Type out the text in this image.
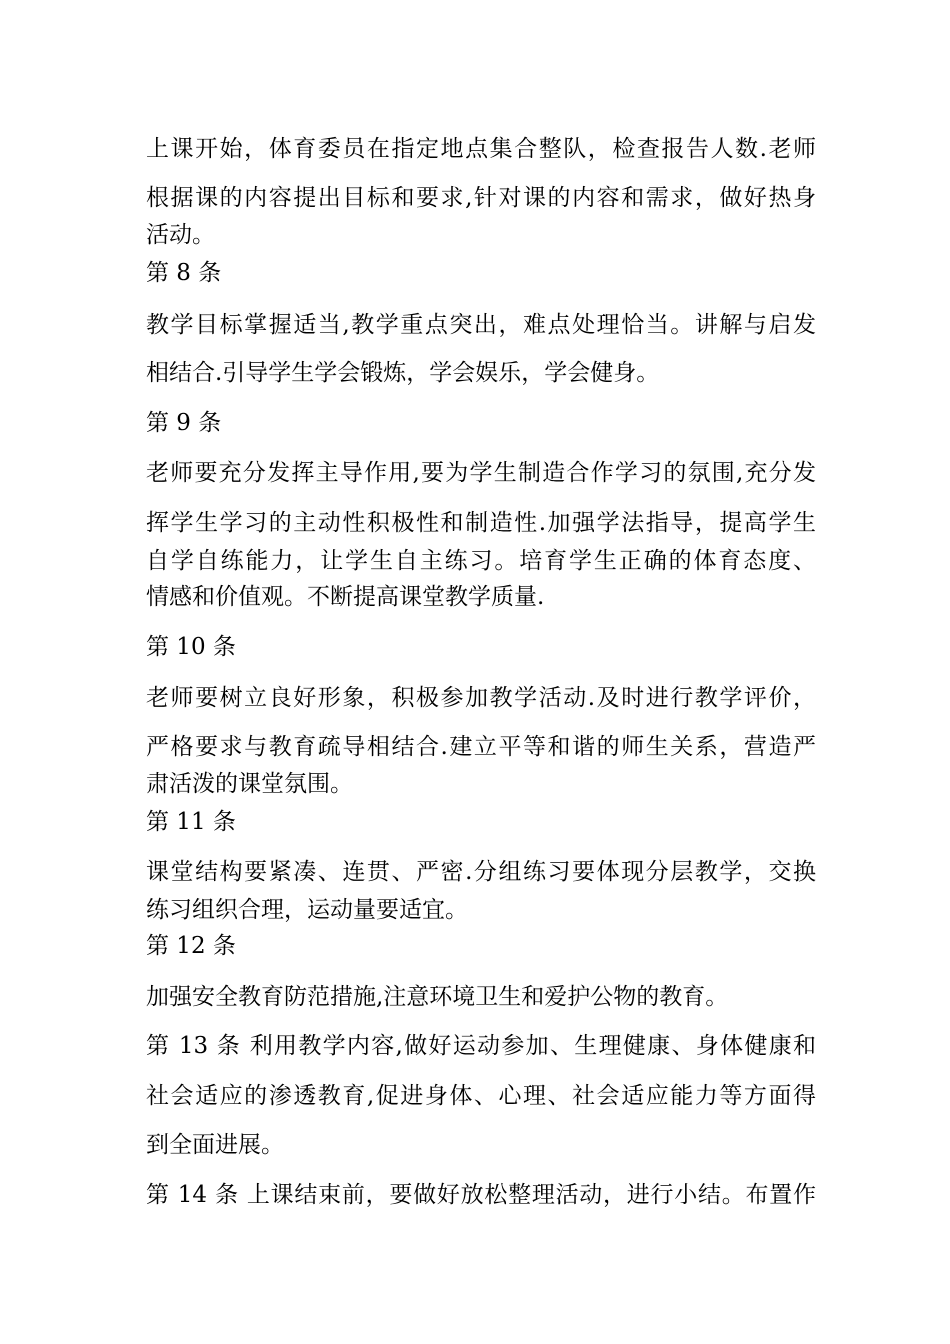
上课开始，体育委员在指定地点集合整队，检查报告人数.老师
根据课的内容提出目标和要求,针对课的内容和需求，做好热身
活动。
第 8 条
教学目标掌握适当,教学重点突出，难点处理恰当。讲解与启发
相结合.引导学生学会锻炼，学会娱乐，学会健身。
第 9 条
老师要充分发挥主导作用,要为学生制造合作学习的氛围,充分发
挥学生学习的主动性积极性和制造性.加强学法指导，提高学生
自学自练能力，让学生自主练习。培育学生正确的体育态度、
情感和价值观。不断提高课堂教学质量.
第 10 条
老师要树立良好形象，积极参加教学活动.及时进行教学评价，
严格要求与教育疏导相结合.建立平等和谐的师生关系，营造严
肃活泼的课堂氛围。
第 11 条
课堂结构要紧凑、连贯、严密.分组练习要体现分层教学，交换
练习组织合理，运动量要适宜。
第 12 条
加强安全教育防范措施,注意环境卫生和爱护公物的教育。
第 13 条 利用教学内容,做好运动参加、生理健康、身体健康和
社会适应的渗透教育,促进身体、心理、社会适应能力等方面得
到全面进展。
第 14 条 上课结束前，要做好放松整理活动，进行小结。布置作
